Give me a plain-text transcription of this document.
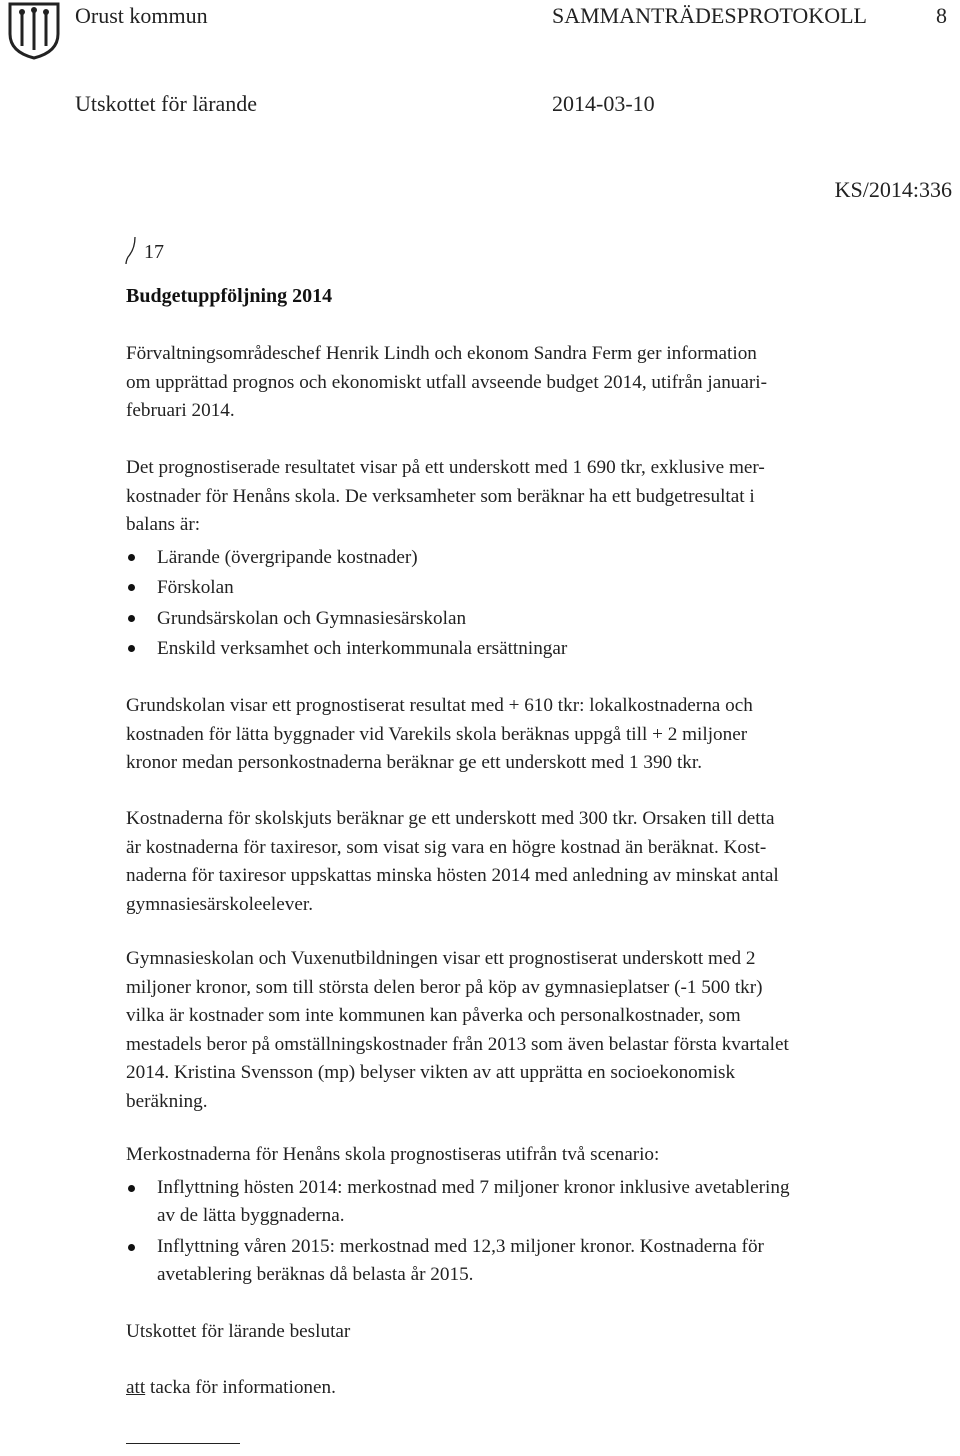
Orust kommun	SAMMANTRÄDESPROTOKOLL	8
Utskottet för lärande	2014-03-10
KS/2014:336
17
Budgetuppföljning 2014

Förvaltningsområdeschef Henrik Lindh och ekonom Sandra Ferm ger information

om upprättad prognos och ekonomiskt utfall avseende budget 2014, utifrån januari-

februari 2014.

Det prognostiserade resultatet visar på ett underskott med 1 690 tkr, exklusive mer-

kostnader för Henåns skola. De verksamheter som beräknar ha ett budgetresultat i

balans är:

Lärande (övergripande kostnader)
Förskolan
Grundsärskolan och Gymnasiesärskolan
Enskild verksamhet och interkommunala ersättningar

Grundskolan visar ett prognostiserat resultat med + 610 tkr: lokalkostnaderna och

kostnaden för lätta byggnader vid Varekils skola beräknas uppgå till + 2 miljoner

kronor medan personkostnaderna beräknar ge ett underskott med 1 390 tkr.

Kostnaderna för skolskjuts beräknar ge ett underskott med 300 tkr. Orsaken till detta

är kostnaderna för taxiresor, som visat sig vara en högre kostnad än beräknat. Kost-

naderna för taxiresor uppskattas minska hösten 2014 med anledning av minskat antal

gymnasiesärskoleelever.

Gymnasieskolan och Vuxenutbildningen visar ett prognostiserat underskott med 2

miljoner kronor, som till största delen beror på köp av gymnasieplatser (-1 500 tkr)

vilka är kostnader som inte kommunen kan påverka och personalkostnader, som

mestadels beror på omställningskostnader från 2013 som även belastar första kvartalet

2014. Kristina Svensson (mp) belyser vikten av att upprätta en socioekonomisk

beräkning.

Merkostnaderna för Henåns skola prognostiseras utifrån två scenario:

Inflyttning hösten 2014: merkostnad med 7 miljoner kronor inklusive avetablering
av de lätta byggnaderna.
Inflyttning våren 2015: merkostnad med 12,3 miljoner kronor. Kostnaderna för
avetablering beräknas då belasta år 2015.
Utskottet för lärande beslutar
att tacka för informationen.
